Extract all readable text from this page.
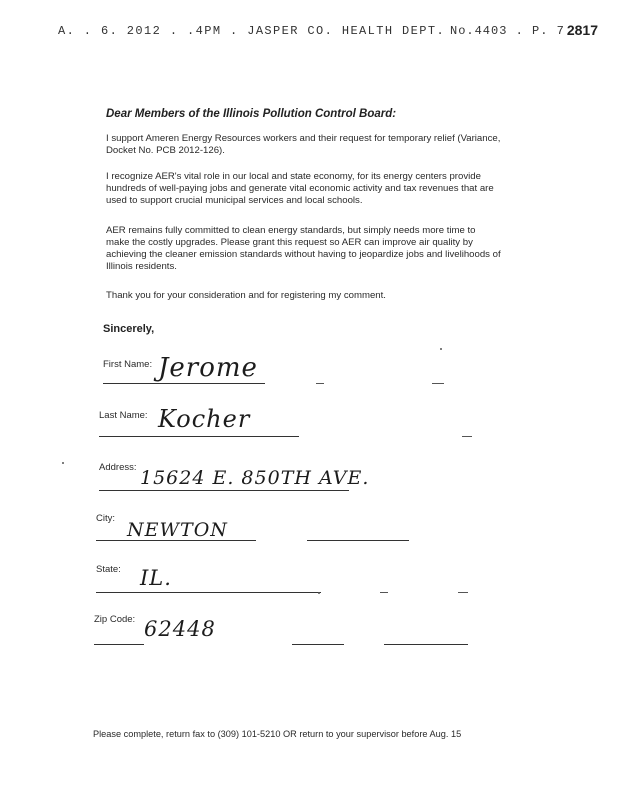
A. . 6. 2012 . .4PM . JASPER CO. HEALTH DEPT. No.4403 . P. 7 2817
Dear Members of the Illinois Pollution Control Board:

I support Ameren Energy Resources workers and their request for temporary relief (Variance, Docket No. PCB 2012-126).

I recognize AER's vital role in our local and state economy, for its energy centers provide hundreds of well-paying jobs and generate vital economic activity and tax revenues that are used to support crucial municipal services and local schools.

AER remains fully committed to clean energy standards, but simply needs more time to make the costly upgrades. Please grant this request so AER can improve air quality by achieving the cleaner emission standards without having to jeopardize jobs and livelihoods of Illinois residents.

Thank you for your consideration and for registering my comment.

Sincerely,
First Name: Jerome
Last Name: Kocher
Address: 15624 E. 850TH AVE.
City:
NEWTON
State: IL.
Zip Code: 62448
Please complete, return fax to (309) 101-5210 OR return to your supervisor before Aug. 15
